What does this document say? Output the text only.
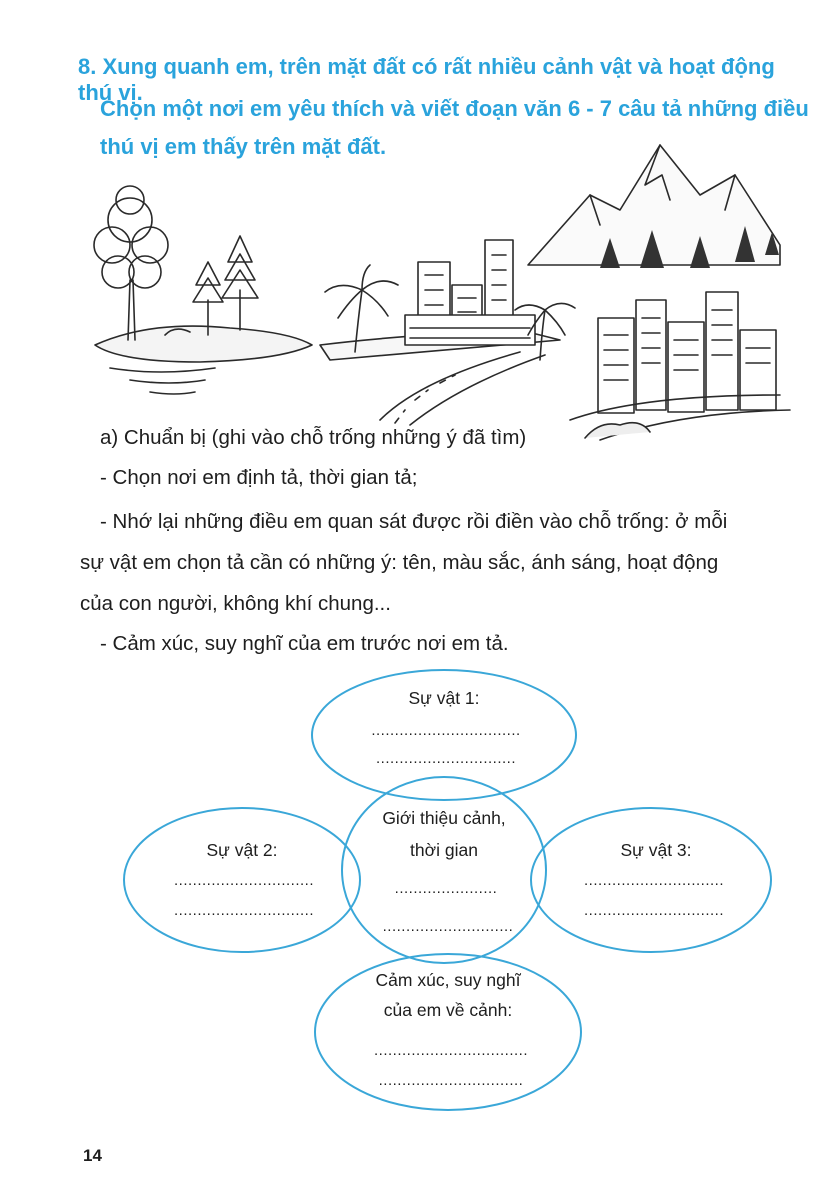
8. Xung quanh em, trên mặt đất có rất nhiều cảnh vật và hoạt động thú vị.
Chọn một nơi em yêu thích và viết đoạn văn 6 - 7 câu tả những điều
thú vị em thấy trên mặt đất.
a) Chuẩn bị (ghi vào chỗ trống những ý đã tìm)
- Chọn nơi em định tả, thời gian tả;
- Nhớ lại những điều em quan sát được rồi điền vào chỗ trống: ở mỗi
sự vật em chọn tả cần có những ý: tên, màu sắc, ánh sáng, hoạt động
của con người, không khí chung...
- Cảm xúc, suy nghĩ của em trước nơi em tả.
Sự vật 1:
................................
..............................
Sự vật 2:
..............................
..............................
Giới thiệu cảnh,
thời gian
......................
............................
Sự vật 3:
..............................
..............................
Cảm xúc, suy nghĩ
của em về cảnh:
.................................
...............................
14
